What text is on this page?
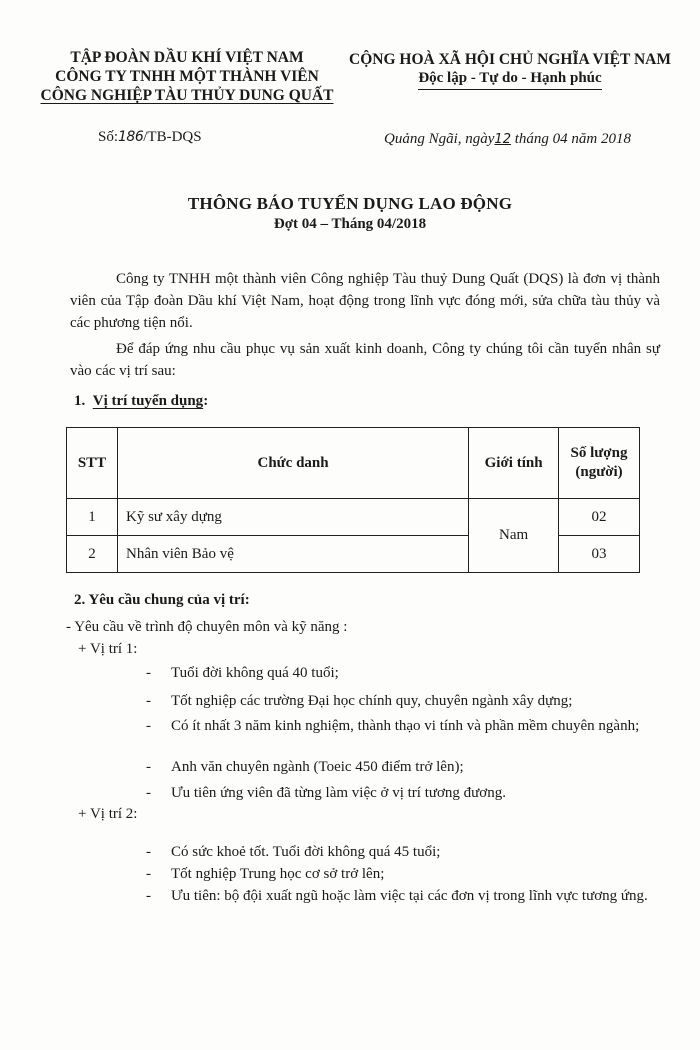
TẬP ĐOÀN DẦU KHÍ VIỆT NAM
CÔNG TY TNHH MỘT THÀNH VIÊN
CÔNG NGHIỆP TÀU THỦY DUNG QUẤT
CỘNG HOÀ XÃ HỘI CHỦ NGHĨA VIỆT NAM
Độc lập - Tự do - Hạnh phúc
Số:186/TB-DQS	Quảng Ngãi, ngày12 tháng 04 năm 2018
THÔNG BÁO TUYỂN DỤNG LAO ĐỘNG
Đợt 04 – Tháng 04/2018
Công ty TNHH một thành viên Công nghiệp Tàu thuỷ Dung Quất (DQS) là đơn vị thành viên của Tập đoàn Dầu khí Việt Nam, hoạt động trong lĩnh vực đóng mới, sửa chữa tàu thủy và các phương tiện nổi.
Để đáp ứng nhu cầu phục vụ sản xuất kinh doanh, Công ty chúng tôi cần tuyển nhân sự vào các vị trí sau:
1. Vị trí tuyển dụng:
STT	Chức danh	Giới tính	Số lượng
(người)
1	Kỹ sư xây dựng	Nam	02
2	Nhân viên Bảo vệ		03
2. Yêu cầu chung của vị trí:
- Yêu cầu về trình độ chuyên môn và kỹ năng :
+ Vị trí 1:
-	Tuổi đời không quá 40 tuổi;
-	Tốt nghiệp các trường Đại học chính quy, chuyên ngành xây dựng;
-	Có ít nhất 3 năm kinh nghiệm, thành thạo vi tính và phần mềm chuyên ngành;
-	Anh văn chuyên ngành (Toeic 450 điểm trở lên);
-	Ưu tiên ứng viên đã từng làm việc ở vị trí tương đương.
+ Vị trí 2:
-	Có sức khoẻ tốt. Tuổi đời không quá 45 tuổi;
-	Tốt nghiệp Trung học cơ sở trở lên;
-	Ưu tiên: bộ đội xuất ngũ hoặc làm việc tại các đơn vị trong lĩnh vực tương ứng.
